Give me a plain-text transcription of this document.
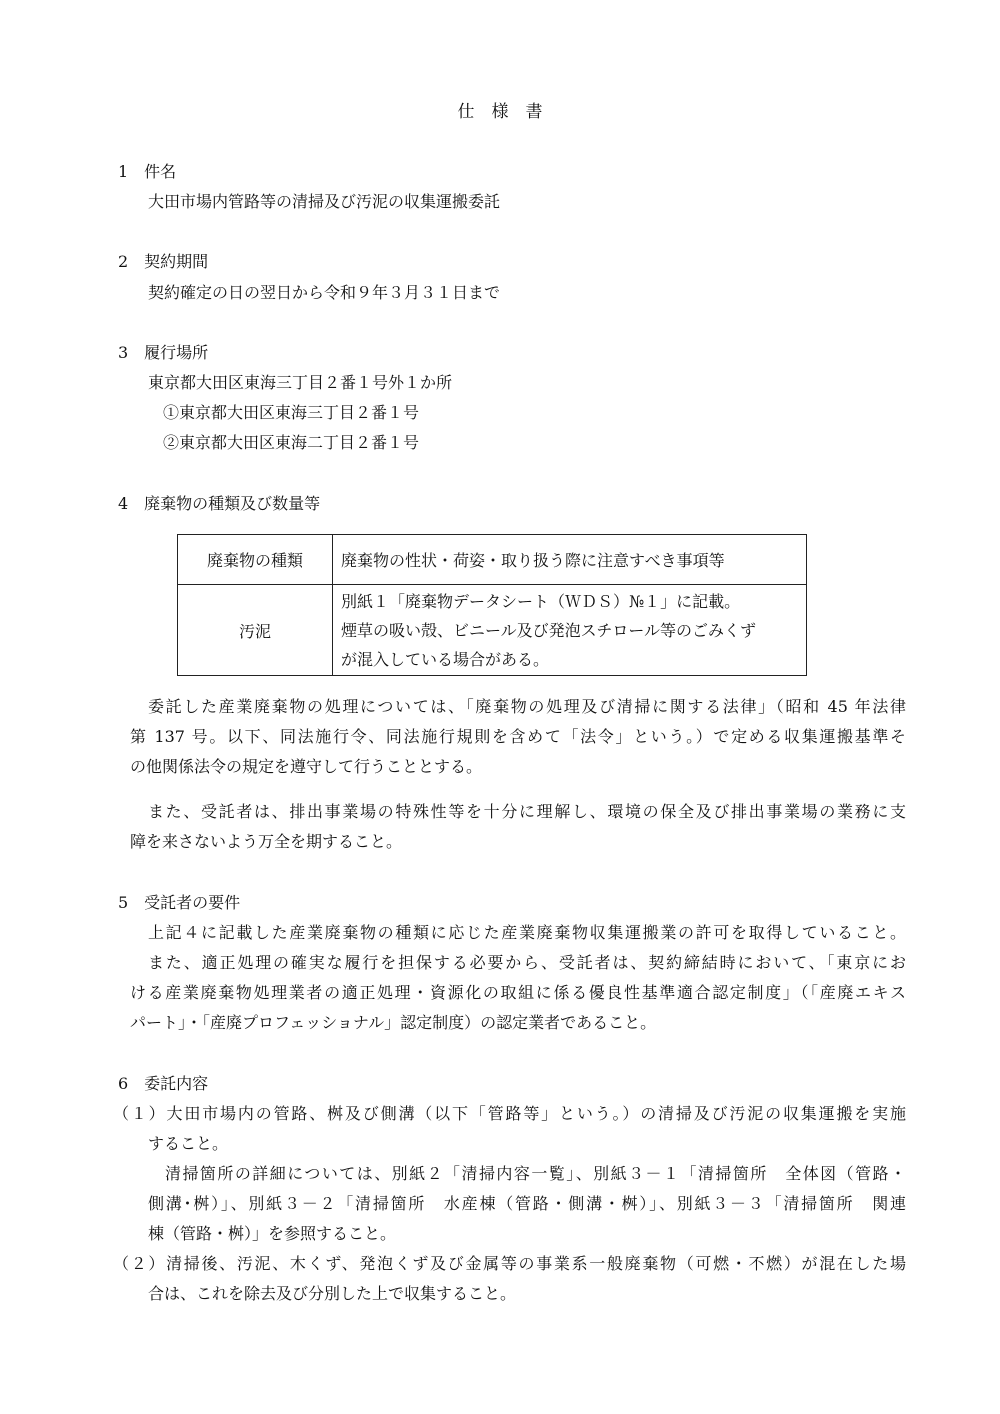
仕　様　書
1　件名
大田市場内管路等の清掃及び汚泥の収集運搬委託
2　契約期間
契約確定の日の翌日から令和９年３月３１日まで
3　履行場所
東京都大田区東海三丁目２番１号外１か所
①東京都大田区東海三丁目２番１号
②東京都大田区東海二丁目２番１号
4　廃棄物の種類及び数量等
廃棄物の種類	廃棄物の性状・荷姿・取り扱う際に注意すべき事項等
汚泥	別紙１「廃棄物データシート（ＷＤＳ）№１」に記載。
煙草の吸い殻、ビニール及び発泡スチロール等のごみくず
が混入している場合がある。
委託した産業廃棄物の処理については、「廃棄物の処理及び清掃に関する法律」（昭和 45 年法律
第 137 号。以下、同法施行令、同法施行規則を含めて「法令」という。）で定める収集運搬基準そ
の他関係法令の規定を遵守して行うこととする。
また、受託者は、排出事業場の特殊性等を十分に理解し、環境の保全及び排出事業場の業務に支
障を来さないよう万全を期すること。
5　受託者の要件
上記４に記載した産業廃棄物の種類に応じた産業廃棄物収集運搬業の許可を取得していること。
また、適正処理の確実な履行を担保する必要から、受託者は、契約締結時において、「東京にお
ける産業廃棄物処理業者の適正処理・資源化の取組に係る優良性基準適合認定制度」（「産廃エキス
パート」・「産廃プロフェッショナル」認定制度）の認定業者であること。
6　委託内容
（１）大田市場内の管路、桝及び側溝（以下「管路等」という。）の清掃及び汚泥の収集運搬を実施
すること。
清掃箇所の詳細については、別紙２「清掃内容一覧」、別紙３－１「清掃箇所　全体図（管路・
側溝･桝）」、別紙３－２「清掃箇所　水産棟（管路・側溝・桝）」、別紙３－３「清掃箇所　関連
棟（管路・桝）」を参照すること。
（２）清掃後、汚泥、木くず、発泡くず及び金属等の事業系一般廃棄物（可燃・不燃）が混在した場
合は、これを除去及び分別した上で収集すること。
